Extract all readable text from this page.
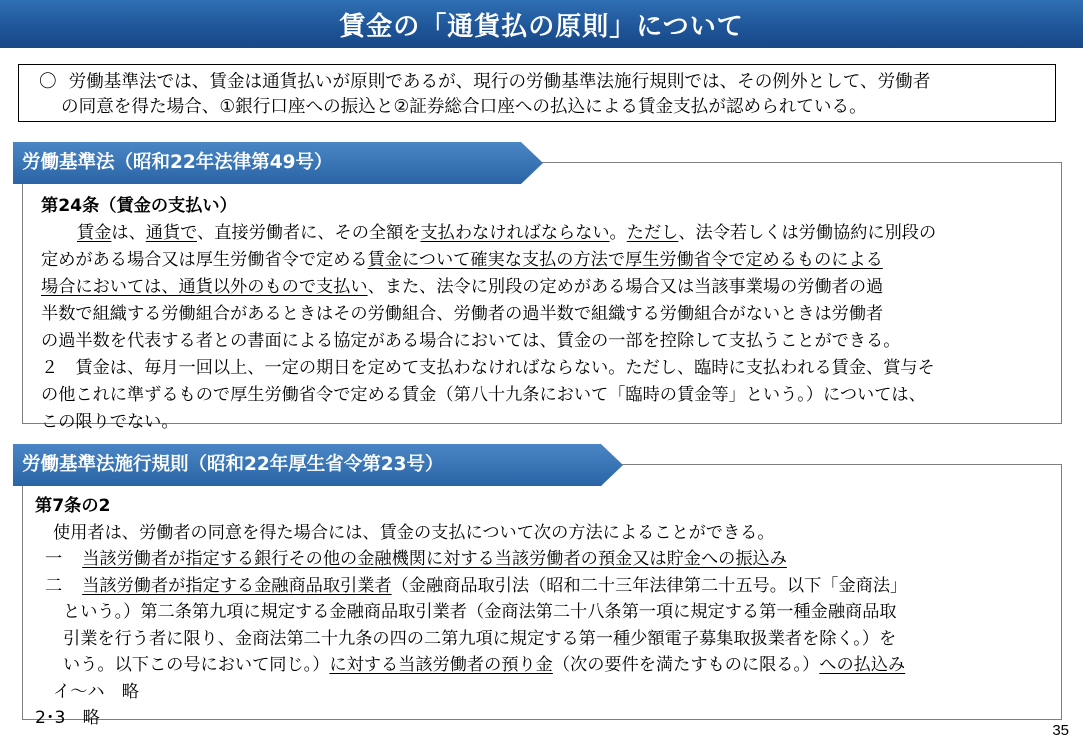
賃金の「通貨払の原則」について
〇 労働基準法では、賃金は通貨払いが原則であるが、現行の労働基準法施行規則では、その例外として、労働者
の同意を得た場合、①銀行口座への振込と②証券総合口座への払込による賃金支払が認められている。
第24条（賃金の支払い）
賃金は、通貨で、直接労働者に、その全額を支払わなければならない。ただし、法令若しくは労働協約に別段の
定めがある場合又は厚生労働省令で定める賃金について確実な支払の方法で厚生労働省令で定めるものによる
場合においては、通貨以外のもので支払い、また、法令に別段の定めがある場合又は当該事業場の労働者の過
半数で組織する労働組合があるときはその労働組合、労働者の過半数で組織する労働組合がないときは労働者
の過半数を代表する者との書面による協定がある場合においては、賃金の一部を控除して支払うことができる。
２　賃金は、毎月一回以上、一定の期日を定めて支払わなければならない。ただし、臨時に支払われる賃金、賞与そ
の他これに準ずるもので厚生労働省令で定める賃金（第八十九条において「臨時の賃金等」という。）については、
この限りでない。
労働基準法（昭和22年法律第49号）
第7条の2
使用者は、労働者の同意を得た場合には、賃金の支払について次の方法によることができる。
一 当該労働者が指定する銀行その他の金融機関に対する当該労働者の預金又は貯金への振込み
二 当該労働者が指定する金融商品取引業者（金融商品取引法（昭和二十三年法律第二十五号。以下「金商法」
という。）第二条第九項に規定する金融商品取引業者（金商法第二十八条第一項に規定する第一種金融商品取
引業を行う者に限り、金商法第二十九条の四の二第九項に規定する第一種少額電子募集取扱業者を除く。）を
いう。以下この号において同じ。）に対する当該労働者の預り金（次の要件を満たすものに限る。）への払込み
イ～ハ　略
2･3　略
労働基準法施行規則（昭和22年厚生省令第23号）
35
